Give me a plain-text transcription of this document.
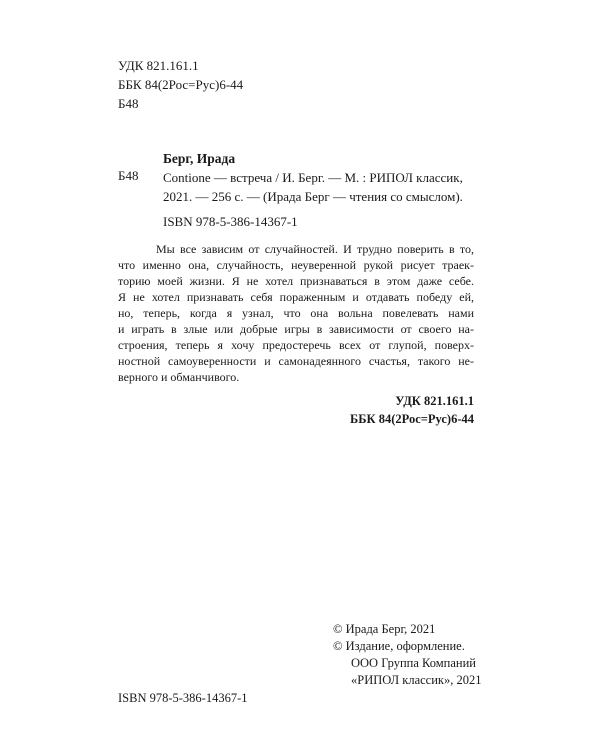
УДК 821.161.1
ББК 84(2Рос=Рус)6-44
Б48
Берг, Ирада
Б48 Contione — встреча / И. Берг. — М. : РИПОЛ классик,
2021. — 256 с. — (Ирада Берг — чтения со смыслом).
ISBN 978-5-386-14367-1
Мы все зависим от случайностей. И трудно поверить в то,
что именно она, случайность, неуверенной рукой рисует траек-
торию моей жизни. Я не хотел признаваться в этом даже себе.
Я не хотел признавать себя пораженным и отдавать победу ей,
но, теперь, когда я узнал, что она вольна повелевать нами
и играть в злые или добрые игры в зависимости от своего на-
строения, теперь я хочу предостеречь всех от глупой, поверх-
ностной самоуверенности и самонадеянного счастья, такого не-
верного и обманчивого.
УДК 821.161.1
ББК 84(2Рос=Рус)6-44
© Ирада Берг, 2021
© Издание, оформление.
ООО Группа Компаний
«РИПОЛ классик», 2021
ISBN 978-5-386-14367-1
